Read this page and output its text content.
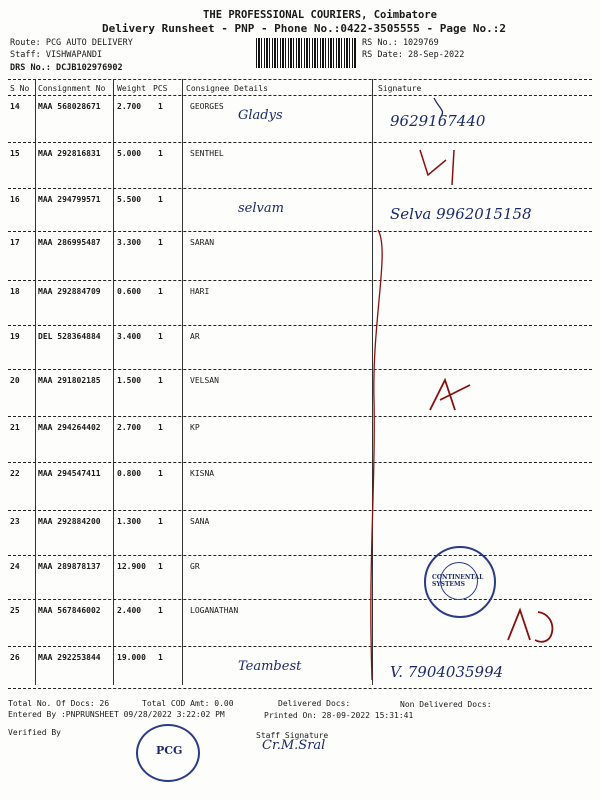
THE PROFESSIONAL COURIERS, Coimbatore
Delivery Runsheet - PNP - Phone No.:0422-3505555 - Page No.:2
Route: PCG AUTO DELIVERY
Staff: VISHWAPANDI
DRS No.: DCJB102976902
RS No.: 1029769
RS Date: 28-Sep-2022
S No Consignment No Weight PCS Consignee Details	Signature
14 MAA 568028671 2.700 1	GEORGES
Gladys	9629167440
15 MAA 292816831 5.000 1	SENTHEL
16 MAA 294799571 5.500 1
selvam	Selva 9962015158
17 MAA 286995487 3.300 1	SARAN
18 MAA 292884709 0.600 1	HARI
19 DEL 528364884 3.400 1	AR
20 MAA 291802185 1.500 1	VELSAN
21 MAA 294264402 2.700 1	KP
22 MAA 294547411 0.800 1	KISNA
23 MAA 292884200 1.300 1	SANA
24 MAA 289878137 12.900 1	GR
25 MAA 567846002 2.400 1	LOGANATHAN
26 MAA 292253844 19.000 1
Teambest	V. 7904035994
Total No. Of Docs: 26	Total COD Amt: 0.00	Delivered Docs:	Non Delivered Docs:
Entered By :PNPRUNSHEET 09/28/2022 3:22:02 PM	Printed On: 28-09-2022 15:31:41
Verified By	Staff Signature
Cr.M.Sral
CONTINENTAL SYSTEMS
PCG
